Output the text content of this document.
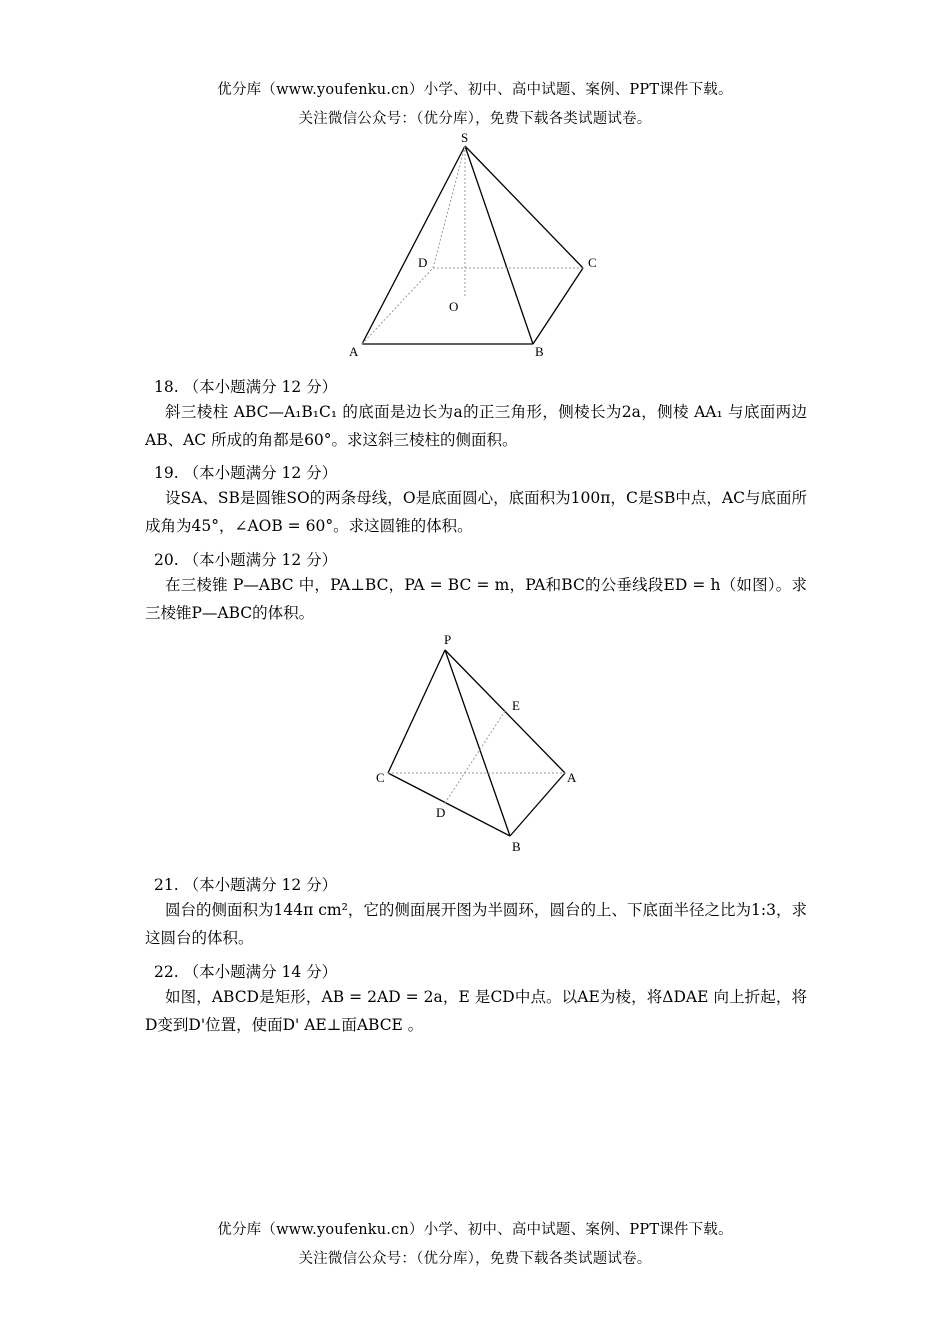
优分库（www.youfenku.cn）小学、初中、高中试题、案例、PPT课件下载。
关注微信公众号：（优分库），免费下载各类试题试卷。
S
C
D
O
A	B
18. （本小题满分 12 分）
斜三棱柱 ABC—A₁B₁C₁ 的底面是边长为a的正三角形，侧棱长为2a，侧棱 AA₁ 与底面两边 AB、AC 所成的角都是60°。求这斜三棱柱的侧面积。
19. （本小题满分 12 分）
设SA、SB是圆锥SO的两条母线，O是底面圆心，底面积为100π，C是SB中点，AC与底面所成角为45°，∠AOB = 60°。求这圆锥的体积。
20. （本小题满分 12 分）
在三棱锥 P—ABC 中，PA⊥BC，PA = BC = m，PA和BC的公垂线段ED = h（如图）。求三棱锥P—ABC的体积。
P
E
C	A
D
B
21. （本小题满分 12 分）
圆台的侧面积为144π cm²，它的侧面展开图为半圆环，圆台的上、下底面半径之比为1:3，求这圆台的体积。
22. （本小题满分 14 分）
如图，ABCD是矩形，AB = 2AD = 2a，E 是CD中点。以AE为棱，将ΔDAE 向上折起，将D变到D'位置，使面D' AE⊥面ABCE 。
优分库（www.youfenku.cn）小学、初中、高中试题、案例、PPT课件下载。
关注微信公众号：（优分库），免费下载各类试题试卷。
